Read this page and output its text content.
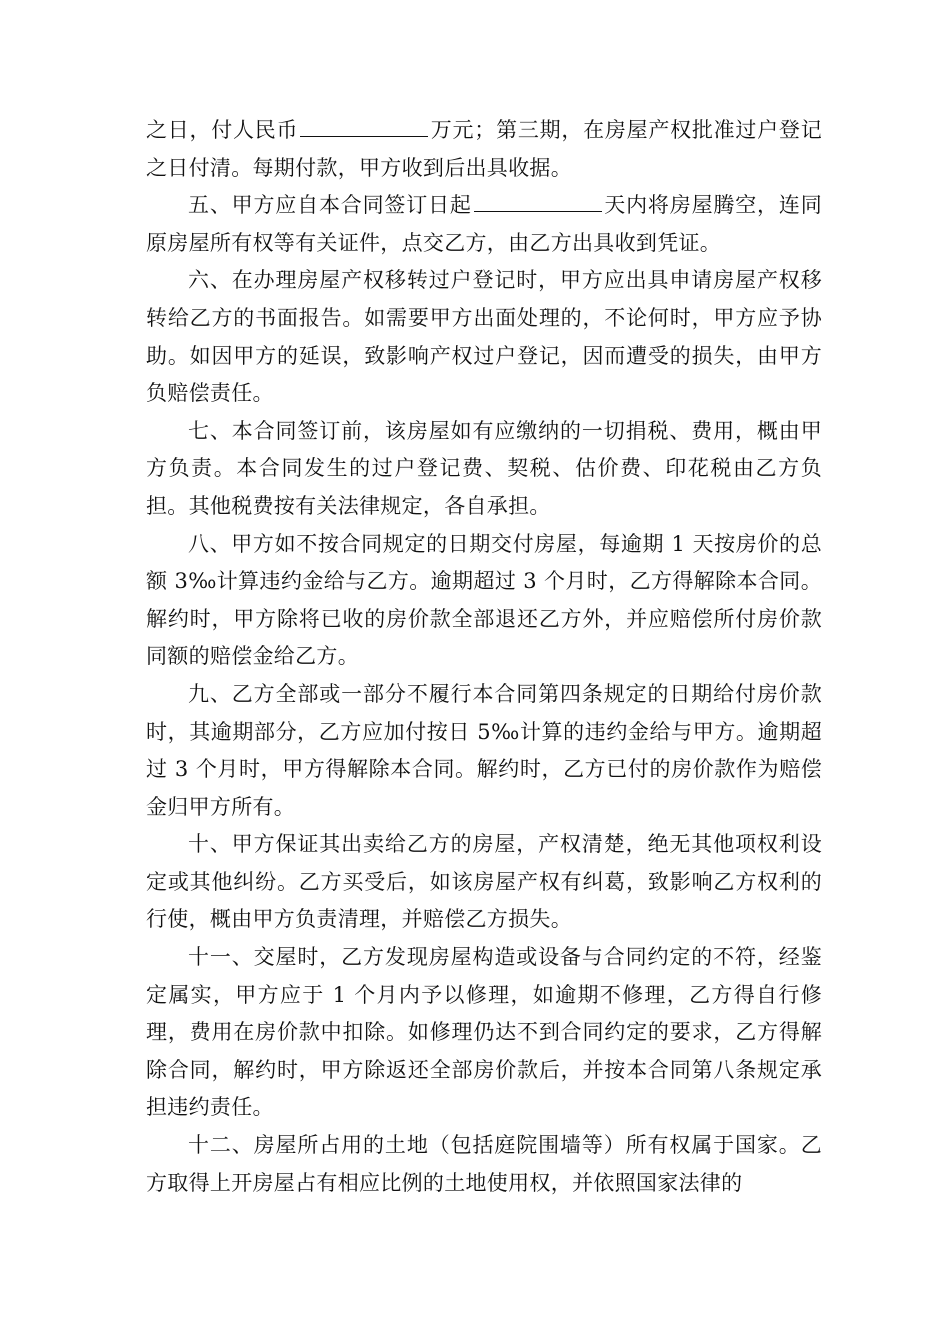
之日，付人民币	万元；第三期，在房屋产权批准过户登记之日付清。每期付款，甲方收到后出具收据。

五、甲方应自本合同签订日起	天内将房屋腾空，连同原房屋所有权等有关证件，点交乙方，由乙方出具收到凭证。

六、在办理房屋产权移转过户登记时，甲方应出具申请房屋产权移转给乙方的书面报告。如需要甲方出面处理的，不论何时，甲方应予协助。如因甲方的延误，致影响产权过户登记，因而遭受的损失，由甲方负赔偿责任。

七、本合同签订前，该房屋如有应缴纳的一切捐税、费用，概由甲方负责。本合同发生的过户登记费、契税、估价费、印花税由乙方负担。其他税费按有关法律规定，各自承担。

八、甲方如不按合同规定的日期交付房屋，每逾期 1 天按房价的总额 3‰计算违约金给与乙方。逾期超过 3 个月时，乙方得解除本合同。解约时，甲方除将已收的房价款全部退还乙方外，并应赔偿所付房价款同额的赔偿金给乙方。

九、乙方全部或一部分不履行本合同第四条规定的日期给付房价款时，其逾期部分，乙方应加付按日 5‰计算的违约金给与甲方。逾期超过 3 个月时，甲方得解除本合同。解约时，乙方已付的房价款作为赔偿金归甲方所有。

十、甲方保证其出卖给乙方的房屋，产权清楚，绝无其他项权利设定或其他纠纷。乙方买受后，如该房屋产权有纠葛，致影响乙方权利的行使，概由甲方负责清理，并赔偿乙方损失。

十一、交屋时，乙方发现房屋构造或设备与合同约定的不符，经鉴定属实，甲方应于 1 个月内予以修理，如逾期不修理，乙方得自行修理，费用在房价款中扣除。如修理仍达不到合同约定的要求，乙方得解除合同，解约时，甲方除返还全部房价款后，并按本合同第八条规定承担违约责任。

十二、房屋所占用的土地（包括庭院围墙等）所有权属于国家。乙方取得上开房屋占有相应比例的土地使用权，并依照国家法律的
